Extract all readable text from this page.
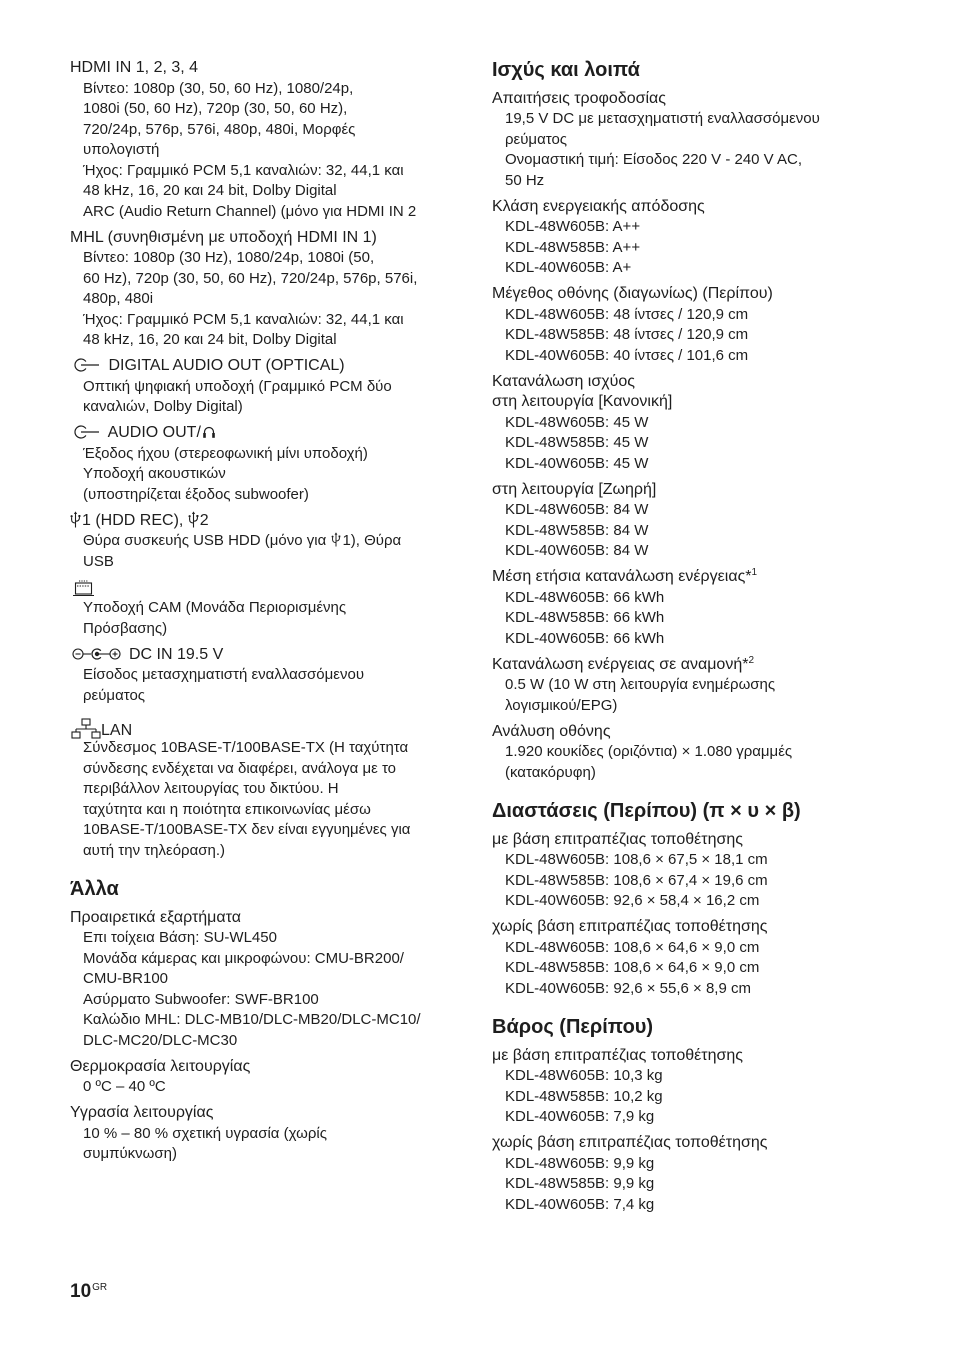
HDMI IN 1, 2, 3, 4
Βίντεο: 1080p (30, 50, 60 Hz), 1080/24p,
1080i (50, 60 Hz), 720p (30, 50, 60 Hz),
720/24p, 576p, 576i, 480p, 480i, Μορφές
υπολογιστή
Ήχος: Γραμμικό PCM 5,1 καναλιών: 32, 44,1 και
48 kHz, 16, 20 και 24 bit, Dolby Digital
ARC (Audio Return Channel) (μόνο για HDMI IN 2
MHL (συνηθισμένη με υποδοχή HDMI IN 1)
Βίντεο: 1080p (30 Hz), 1080/24p, 1080i (50,
60 Hz), 720p (30, 50, 60 Hz), 720/24p, 576p, 576i,
480p, 480i
Ήχος: Γραμμικό PCM 5,1 καναλιών: 32, 44,1 και
48 kHz, 16, 20 και 24 bit, Dolby Digital
DIGITAL AUDIO OUT (OPTICAL)
Οπτική ψηφιακή υποδοχή (Γραμμικό PCM δύο
καναλιών, Dolby Digital)
AUDIO OUT/
Έξοδος ήχου (στερεοφωνική μίνι υποδοχή)
Υποδοχή ακουστικών
(υποστηρίζεται έξοδος subwoofer)
1 (HDD REC), 2
Θύρα συσκευής USB HDD (μόνο για 1), Θύρα
USB
Υποδοχή CAM (Μονάδα Περιορισμένης
Πρόσβασης)
DC IN 19.5 V
Είσοδος μετασχηματιστή εναλλασσόμενου
ρεύματος
LAN
Σύνδεσμος 10BASE-T/100BASE-TX (Η ταχύτητα
σύνδεσης ενδέχεται να διαφέρει, ανάλογα με το
περιβάλλον λειτουργίας του δικτύου. Η
ταχύτητα και η ποιότητα επικοινωνίας μέσω
10BASE-T/100BASE-TX δεν είναι εγγυημένες για
αυτή την τηλεόραση.)
Άλλα
Προαιρετικά εξαρτήματα
Επι τοίχεια Βάση: SU-WL450
Μονάδα κάμερας και μικροφώνου: CMU-BR200/
CMU-BR100
Ασύρματο Subwoofer: SWF-BR100
Καλώδιο MHL: DLC-MB10/DLC-MB20/DLC-MC10/
DLC-MC20/DLC-MC30
Θερμοκρασία λειτουργίας
0 ºC – 40 ºC
Υγρασία λειτουργίας
10 % – 80 % σχετική υγρασία (χωρίς
συμπύκνωση)
Ισχύς και λοιπά
Απαιτήσεις τροφοδοσίας
19,5 V DC με μετασχηματιστή εναλλασσόμενου
ρεύματος
Ονομαστική τιμή: Είσοδος 220 V - 240 V AC,
50 Hz
Κλάση ενεργειακής απόδοσης
KDL-48W605B: A++
KDL-48W585B: A++
KDL-40W605B: A+
Μέγεθος οθόνης (διαγωνίως) (Περίπου)
KDL-48W605B: 48 ίντσες / 120,9 cm
KDL-48W585B: 48 ίντσες / 120,9 cm
KDL-40W605B: 40 ίντσες / 101,6 cm
Κατανάλωση ισχύος
στη λειτουργία [Κανονική]
KDL-48W605B: 45 W
KDL-48W585B: 45 W
KDL-40W605B: 45 W
στη λειτουργία [Ζωηρή]
KDL-48W605B: 84 W
KDL-48W585B: 84 W
KDL-40W605B: 84 W
Μέση ετήσια κατανάλωση ενέργειας*$^1$
KDL-48W605B: 66 kWh
KDL-48W585B: 66 kWh
KDL-40W605B: 66 kWh
Κατανάλωση ενέργειας σε αναμονή*$^2$
0.5 W (10 W στη λειτουργία ενημέρωσης
λογισμικού/EPG)
Ανάλυση οθόνης
1.920 κουκίδες (οριζόντια) × 1.080 γραμμές
(κατακόρυφη)
Διαστάσεις (Περίπου) (π × υ × β)
με βάση επιτραπέζιας τοποθέτησης
KDL-48W605B: 108,6 × 67,5 × 18,1 cm
KDL-48W585B: 108,6 × 67,4 × 19,6 cm
KDL-40W605B: 92,6 × 58,4 × 16,2 cm
χωρίς βάση επιτραπέζιας τοποθέτησης
KDL-48W605B: 108,6 × 64,6 × 9,0 cm
KDL-48W585B: 108,6 × 64,6 × 9,0 cm
KDL-40W605B: 92,6 × 55,6 × 8,9 cm
Βάρος (Περίπου)
με βάση επιτραπέζιας τοποθέτησης
KDL-48W605B: 10,3 kg
KDL-48W585B: 10,2 kg
KDL-40W605B: 7,9 kg
χωρίς βάση επιτραπέζιας τοποθέτησης
KDL-48W605B: 9,9 kg
KDL-48W585B: 9,9 kg
KDL-40W605B: 7,4 kg
$10^{GR}$
